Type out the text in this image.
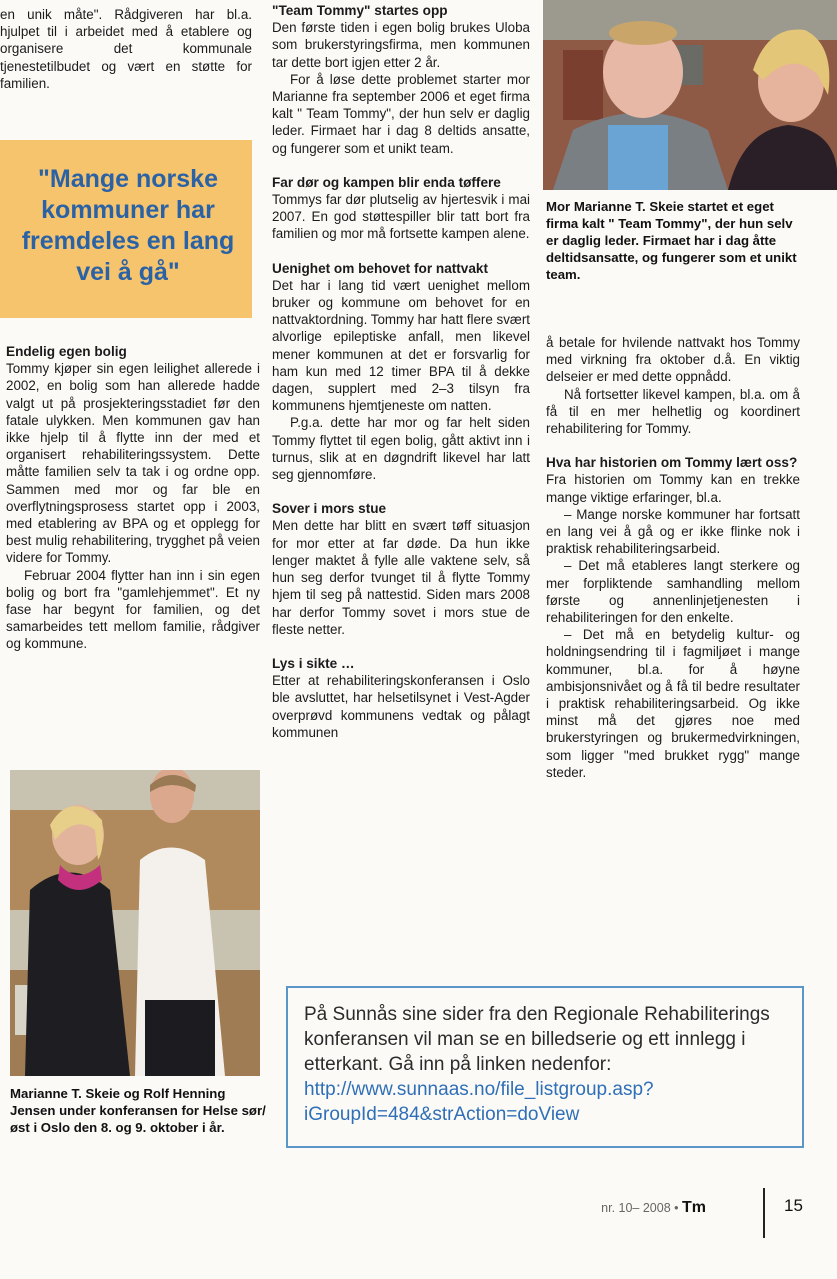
en unik måte". Rådgiveren har bl.a. hjulpet til i arbeidet med å etablere og organisere det kommunale tjenestetilbudet og vært en støtte for familien.

"Mange norske kommuner har fremdeles en lang vei å gå"
Endelig egen bolig

Tommy kjøper sin egen leilighet allerede i 2002, en bolig som han allerede hadde valgt ut på prosjekteringsstadiet før den fatale ulykken. Men kommunen gav han ikke hjelp til å flytte inn der med et organisert rehabiliteringssystem. Dette måtte familien selv ta tak i og ordne opp. Sammen med mor og far ble en overflytningsprosess startet opp i 2003, med etablering av BPA og et opplegg for best mulig rehabilitering, trygghet på veien videre for Tommy.

Februar 2004 flytter han inn i sin egen bolig og bort fra "gamlehjemmet". Et ny fase har begynt for familien, og det samarbeides tett mellom familie, rådgiver og kommune.

"Team Tommy" startes opp

Den første tiden i egen bolig brukes Uloba som brukerstyringsfirma, men kommunen tar dette bort igjen etter 2 år.

For å løse dette problemet starter mor Marianne fra september 2006 et eget firma kalt " Team Tommy", der hun selv er daglig leder. Firmaet har i dag 8 deltids ansatte, og fungerer som et unikt team.

Far dør og kampen blir enda tøffere

Tommys far dør plutselig av hjertesvik i mai 2007. En god støttespiller blir tatt bort fra familien og mor må fortsette kampen alene.

Uenighet om behovet for nattvakt

Det har i lang tid vært uenighet mellom bruker og kommune om behovet for en nattvaktordning. Tommy har hatt flere svært alvorlige epileptiske anfall, men likevel mener kommunen at det er forsvarlig for ham kun med 12 timer BPA til å dekke dagen, supplert med 2–3 tilsyn fra kommunens hjemtjeneste om natten.

P.g.a. dette har mor og far helt siden Tommy flyttet til egen bolig, gått aktivt inn i turnus, slik at en døgndrift likevel har latt seg gjennomføre.

Sover i mors stue

Men dette har blitt en svært tøff situasjon for mor etter at far døde. Da hun ikke lenger maktet å fylle alle vaktene selv, så hun seg derfor tvunget til å flytte Tommy hjem til seg på nattestid. Siden mars 2008 har derfor Tommy sovet i mors stue de fleste netter.

Lys i sikte …

Etter at rehabiliteringskonferansen i Oslo ble avsluttet, har helsetilsynet i Vest-Agder overprøvd kommunens vedtak og pålagt kommunen

Mor Marianne T. Skeie startet et eget firma kalt " Team Tommy", der hun selv er daglig leder. Firmaet har i dag åtte deltidsansatte, og fungerer som et unikt team.
Marianne T. Skeie og Rolf Henning Jensen under konferansen for Helse sør/øst i Oslo den 8. og 9. oktober i år.

å betale for hvilende nattvakt hos Tommy med virkning fra oktober d.å. En viktig delseier er med dette oppnådd.

Nå fortsetter likevel kampen, bl.a. om å få til en mer helhetlig og koordinert rehabilitering for Tommy.

Hva har historien om Tommy lært oss?

Fra historien om Tommy kan en trekke mange viktige erfaringer, bl.a.

– Mange norske kommuner har fortsatt en lang vei å gå og er ikke flinke nok i praktisk rehabiliteringsarbeid.

– Det må etableres langt sterkere og mer forpliktende samhandling mellom første og annenlinjetjenesten i rehabiliteringen for den enkelte.

– Det må en betydelig kultur- og holdningsendring til i fagmiljøet i mange kommuner, bl.a. for å høyne ambisjonsnivået og å få til bedre resultater i praktisk rehabiliteringsarbeid. Og ikke minst må det gjøres noe med brukerstyringen og brukermedvirkningen, som ligger "med brukket rygg" mange steder.

På Sunnås sine sider fra den Regionale Rehabiliterings konferansen vil man se en billedserie og ett innlegg i etterkant. Gå inn på linken nedenfor:
http://www.sunnaas.no/file_listgroup.asp?iGroupId=484&strAction=doView
nr. 10– 2008 • Tm	15
